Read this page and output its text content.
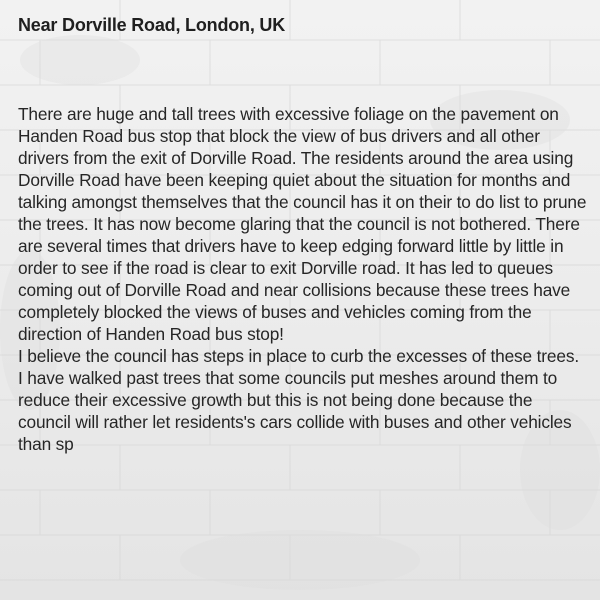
Near Dorville Road, London, UK

There are huge and tall trees with excessive foliage on the pavement on Handen Road bus stop that block the view of bus drivers and all other drivers from the exit of Dorville Road. The residents around the area using Dorville Road have been keeping quiet about the situation for months and talking amongst themselves that the council has it on their to do list to prune the trees. It has now become glaring that the council is not bothered. There are several times that drivers have to keep edging forward little by little in order to see if the road is clear to exit Dorville road. It has led to queues coming out of Dorville Road and near collisions because these trees have completely blocked the views of buses and vehicles coming from the direction of Handen Road bus stop!

I believe the council has steps in place to curb the excesses of these trees. I have walked past trees that some councils put meshes around them to reduce their excessive growth but this is not being done because the council will rather let residents's cars collide with buses and other vehicles than sp
